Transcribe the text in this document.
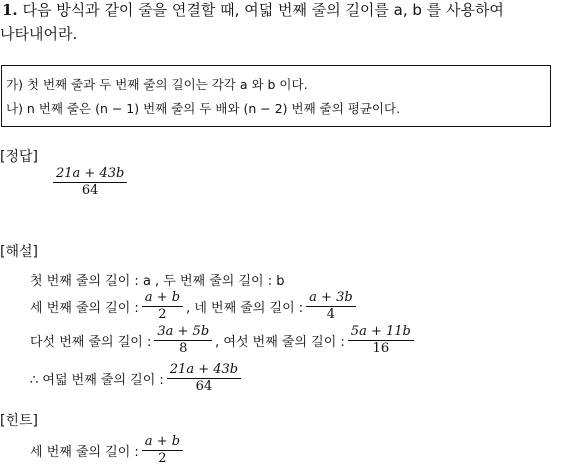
1. 다음 방식과 같이 줄을 연결할 때, 여덟 번째 줄의 길이를 a, b 를 사용하여
나타내어라.
가) 첫 번째 줄과 두 번째 줄의 길이는 각각 a 와 b 이다.
나) n 번째 줄은 (n − 1) 번째 줄의 두 배와 (n − 2) 번째 줄의 평균이다.
[정답]
$\frac{21a + 43b}{64}$
[해설]
첫 번째 줄의 길이 : a , 두 번째 줄의 길이 : b
세 번째 줄의 길이 : $\frac{a + b}{2}$ , 네 번째 줄의 길이 : $\frac{a + 3b}{4}$
다섯 번째 줄의 길이 : $\frac{3a + 5b}{8}$ , 여섯 번째 줄의 길이 : $\frac{5a + 11b}{16}$
∴ 여덟 번째 줄의 길이 : $\frac{21a + 43b}{64}$
[힌트]
세 번째 줄의 길이 : $\frac{a + b}{2}$
